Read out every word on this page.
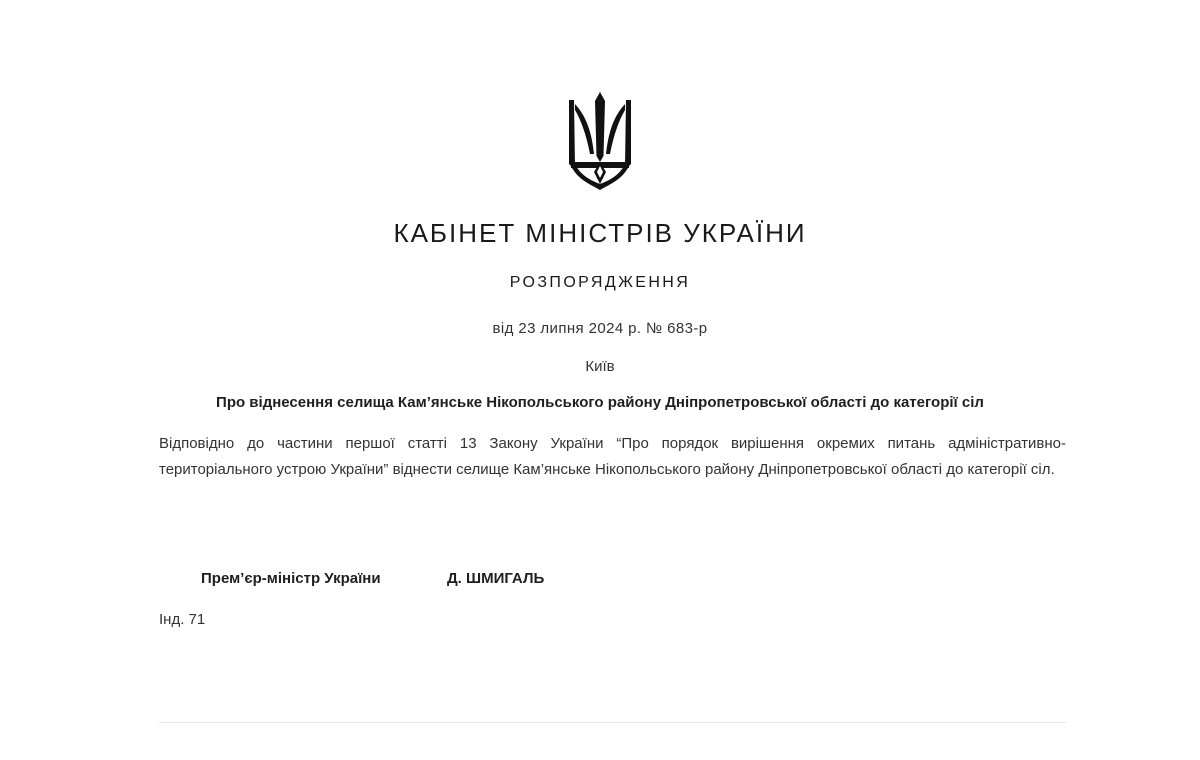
КАБІНЕТ МІНІСТРІВ УКРАЇНИ
РОЗПОРЯДЖЕННЯ
від 23 липня 2024 р. № 683-р
Київ
Про віднесення селища Кам’янське Нікопольського району Дніпропетровської області до категорії сіл

Відповідно до частини першої статті 13 Закону України “Про порядок вирішення окремих питань адміністративно-територіального устрою України” віднести селище Кам’янське Нікопольського району Дніпропетровської області до категорії сіл.

Прем’єр-міністр України	Д. ШМИГАЛЬ
Інд. 71
